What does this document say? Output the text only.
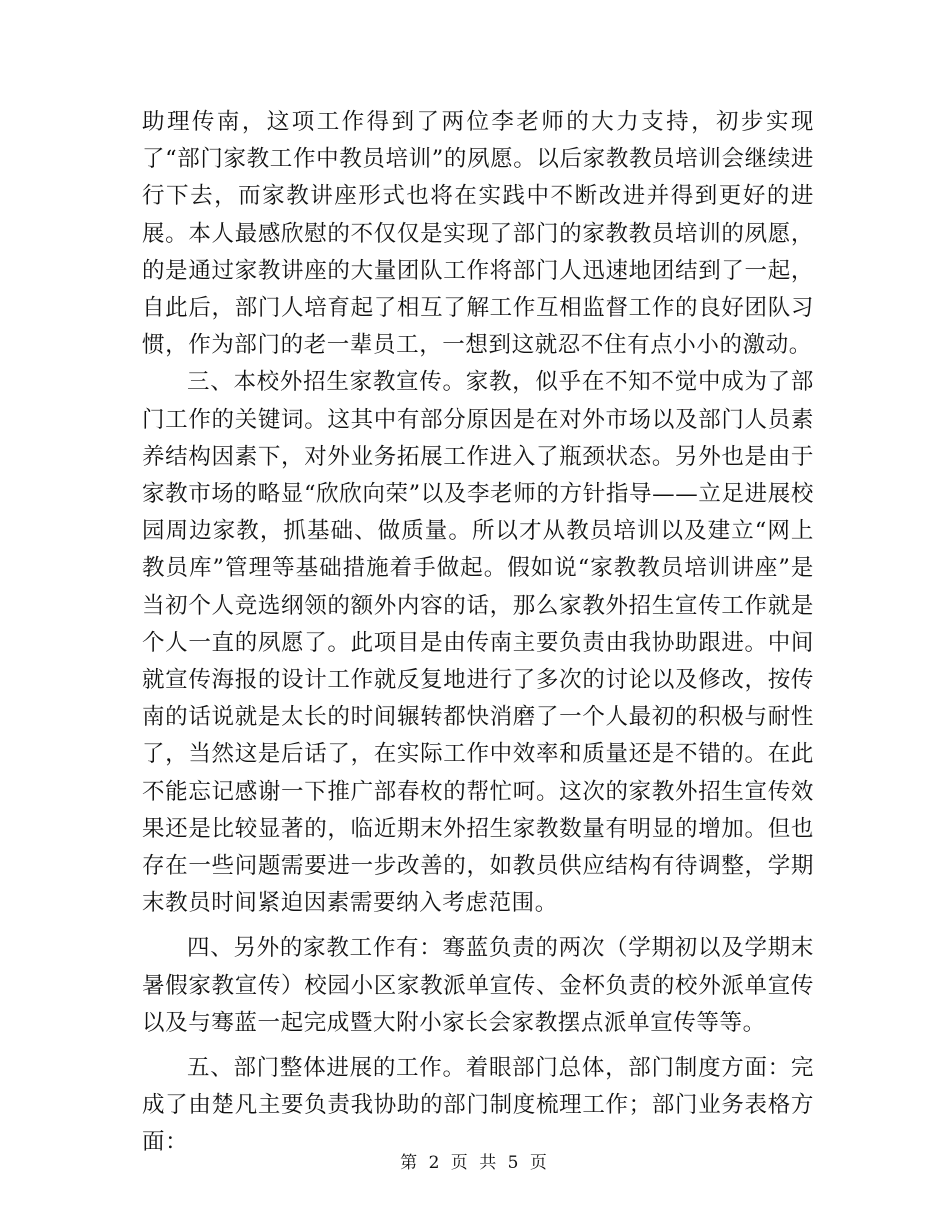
助理传南，这项工作得到了两位李老师的大力支持，初步实现了“部门家教工作中教员培训”的夙愿。以后家教教员培训会继续进行下去，而家教讲座形式也将在实践中不断改进并得到更好的进展。本人最感欣慰的不仅仅是实现了部门的家教教员培训的夙愿，的是通过家教讲座的大量团队工作将部门人迅速地团结到了一起，自此后，部门人培育起了相互了解工作互相监督工作的良好团队习惯，作为部门的老一辈员工，一想到这就忍不住有点小小的激动。

三、本校外招生家教宣传。家教，似乎在不知不觉中成为了部门工作的关键词。这其中有部分原因是在对外市场以及部门人员素养结构因素下，对外业务拓展工作进入了瓶颈状态。另外也是由于家教市场的略显“欣欣向荣”以及李老师的方针指导——立足进展校园周边家教，抓基础、做质量。所以才从教员培训以及建立“网上教员库”管理等基础措施着手做起。假如说“家教教员培训讲座”是当初个人竞选纲领的额外内容的话，那么家教外招生宣传工作就是个人一直的夙愿了。此项目是由传南主要负责由我协助跟进。中间就宣传海报的设计工作就反复地进行了多次的讨论以及修改，按传南的话说就是太长的时间辗转都快消磨了一个人最初的积极与耐性了，当然这是后话了，在实际工作中效率和质量还是不错的。在此不能忘记感谢一下推广部春枚的帮忙呵。这次的家教外招生宣传效果还是比较显著的，临近期末外招生家教数量有明显的增加。但也存在一些问题需要进一步改善的，如教员供应结构有待调整，学期末教员时间紧迫因素需要纳入考虑范围。

四、另外的家教工作有：骞蓝负责的两次（学期初以及学期末暑假家教宣传）校园小区家教派单宣传、金杯负责的校外派单宣传以及与骞蓝一起完成暨大附小家长会家教摆点派单宣传等等。

五、部门整体进展的工作。着眼部门总体，部门制度方面：完成了由楚凡主要负责我协助的部门制度梳理工作；部门业务表格方面：

第 2 页 共 5 页
